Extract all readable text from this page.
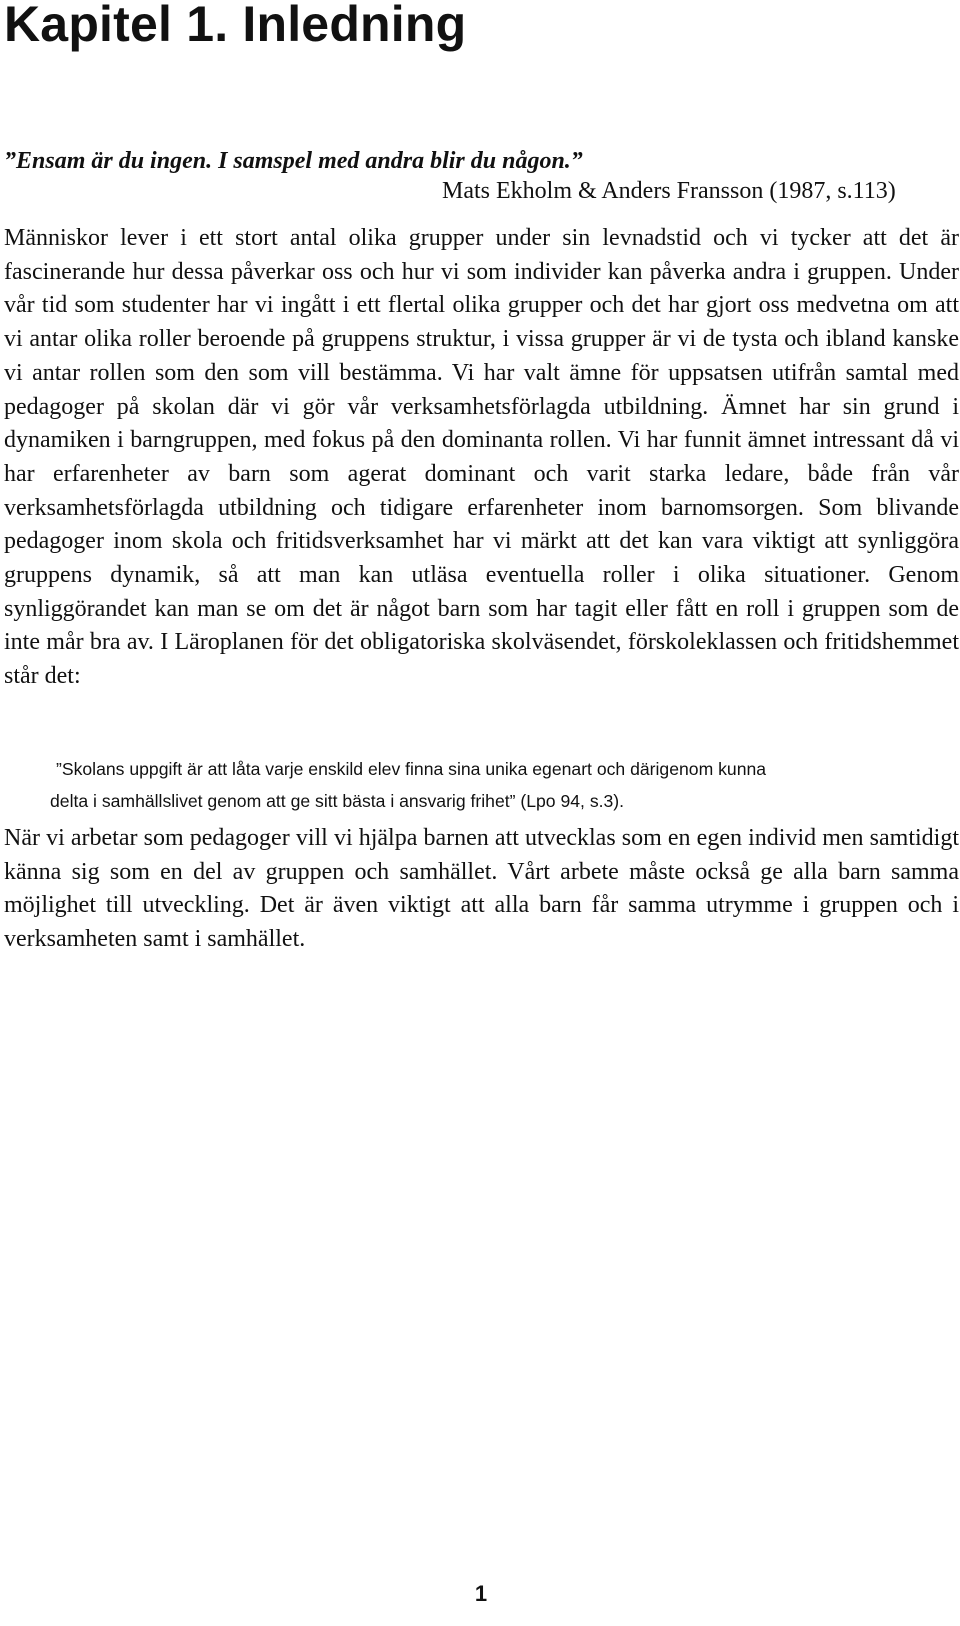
Kapitel 1. Inledning

”Ensam är du ingen. I samspel med andra blir du någon.”

Mats Ekholm & Anders Fransson (1987, s.113)

Människor lever i ett stort antal olika grupper under sin levnadstid och vi tycker att det är fascinerande hur dessa påverkar oss och hur vi som individer kan påverka andra i gruppen. Under vår tid som studenter har vi ingått i ett flertal olika grupper och det har gjort oss medvetna om att vi antar olika roller beroende på gruppens struktur, i vissa grupper är vi de tysta och ibland kanske vi antar rollen som den som vill bestämma. Vi har valt ämne för uppsatsen utifrån samtal med pedagoger på skolan där vi gör vår verksamhetsförlagda utbildning. Ämnet har sin grund i dynamiken i barngruppen, med fokus på den dominanta rollen. Vi har funnit ämnet intressant då vi har erfarenheter av barn som agerat dominant och varit starka ledare, både från vår verksamhetsförlagda utbildning och tidigare erfarenheter inom barnomsorgen. Som blivande pedagoger inom skola och fritidsverksamhet har vi märkt att det kan vara viktigt att synliggöra gruppens dynamik, så att man kan utläsa eventuella roller i olika situationer. Genom synliggörandet kan man se om det är något barn som har tagit eller fått en roll i gruppen som de inte mår bra av. I Läroplanen för det obligatoriska skolväsendet, förskoleklassen och fritidshemmet står det:

”Skolans uppgift är att låta varje enskild elev finna sina unika egenart och därigenom kunna
delta i samhällslivet genom att ge sitt bästa i ansvarig frihet” (Lpo 94, s.3).

När vi arbetar som pedagoger vill vi hjälpa barnen att utvecklas som en egen individ men samtidigt känna sig som en del av gruppen och samhället. Vårt arbete måste också ge alla barn samma möjlighet till utveckling. Det är även viktigt att alla barn får samma utrymme i gruppen och i verksamheten samt i samhället.

1
